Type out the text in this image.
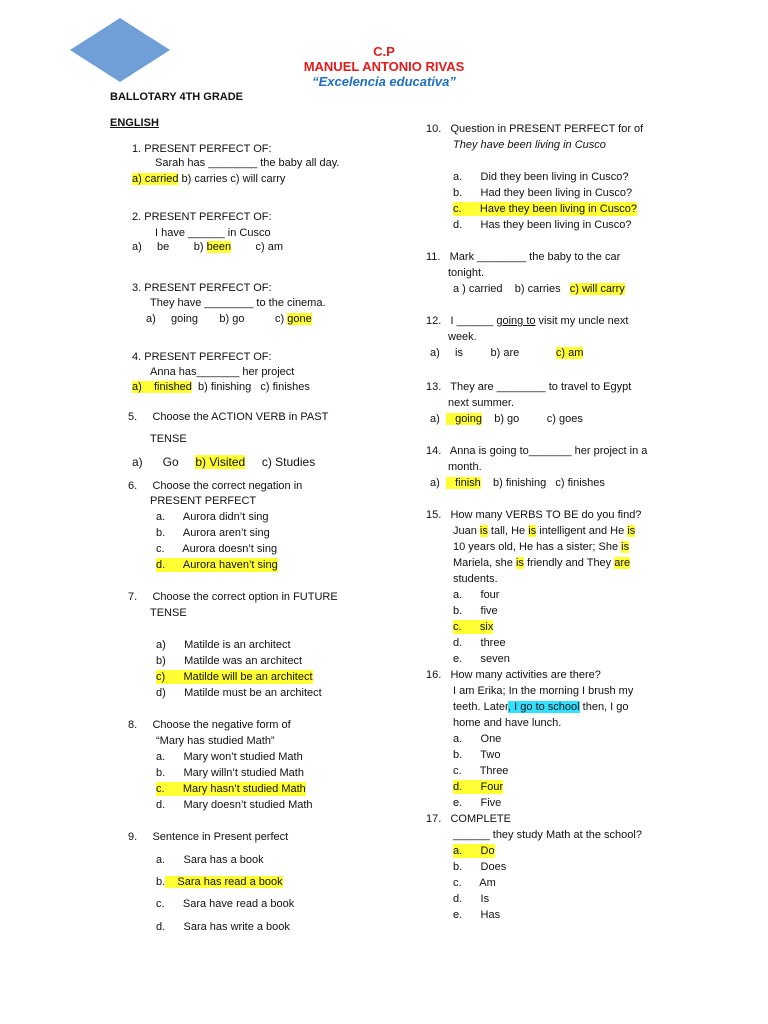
C.P
MANUEL ANTONIO RIVAS
“Excelencia educativa”
BALLOTARY 4TH GRADE
ENGLISH
1. PRESENT PERFECT OF:
Sarah has ________ the baby all day.
a) carried b) carries c) will carry
2. PRESENT PERFECT OF:
I have ______ in Cusco
a)     be        b) been        c) am
3. PRESENT PERFECT OF:
They have ________ to the cinema.
a)     going       b) go          c) gone
4. PRESENT PERFECT OF:
Anna has_______ her project
a)    finished  b) finishing   c) finishes
5.     Choose the ACTION VERB in PAST
TENSE
a)      Go     b) Visited     c) Studies
6.     Choose the correct negation in
PRESENT PERFECT
a.      Aurora didn’t sing
b.      Aurora aren’t sing
c.      Aurora doesn’t sing
d.      Aurora haven’t sing
7.     Choose the correct option in FUTURE
TENSE
a)      Matilde is an architect
b)      Matilde was an architect
c)      Matilde will be an architect
d)      Matilde must be an architect
8.     Choose the negative form of
“Mary has studied Math”
a.      Mary won’t studied Math
b.      Mary willn’t studied Math
c.      Mary hasn’t studied Math
d.      Mary doesn’t studied Math
9.     Sentence in Present perfect
a.      Sara has a book
b.    Sara has read a book
c.      Sara have read a book
d.      Sara has write a book
10.   Question in PRESENT PERFECT for of
They have been living in Cusco
a.      Did they been living in Cusco?
b.      Had they been living in Cusco?
c.      Have they been living in Cusco?
d.      Has they been living in Cusco?
11.   Mark ________ the baby to the car
tonight.
a ) carried    b) carries   c) will carry
12.   I ______ going to visit my uncle next
week.
a)     is         b) are            c) am
13.   They are ________ to travel to Egypt
next summer.
a)     going    b) go         c) goes
14.   Anna is going to_______ her project in a
month.
a)     finish    b) finishing   c) finishes
15.   How many VERBS TO BE do you find?
Juan is tall, He is intelligent and He is
10 years old, He has a sister; She is
Mariela, she is friendly and They are
students.
a.      four
b.      five
c.      six
d.      three
e.      seven
16.   How many activities are there?
I am Erika; In the morning I brush my
teeth. Later, I go to school then, I go
home and have lunch.
a.      One
b.      Two
c.      Three
d.      Four
e.      Five
17.   COMPLETE
______ they study Math at the school?
a.      Do
b.      Does
c.      Am
d.      Is
e.      Has
